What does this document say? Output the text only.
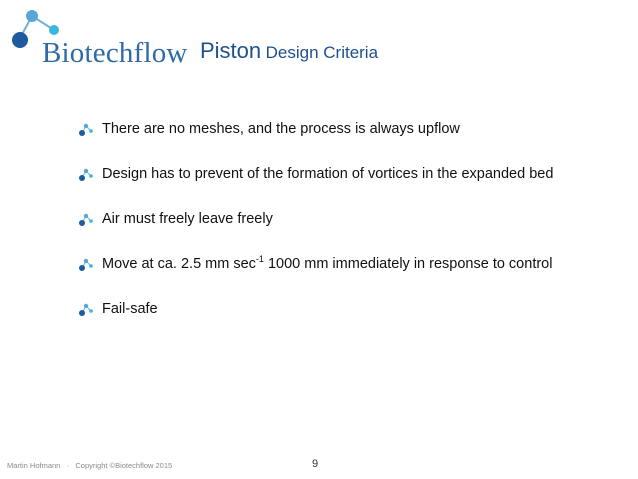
Biotechflow Piston Design Criteria
There are no meshes, and the process is always upflow
Design has to prevent of the formation of vortices in the expanded bed
Air must freely leave freely
Move at ca. 2.5 mm $\sec^{-1} 1000$ mm immediately in response to control
Fail-safe
Martin Hofmann   ·   Copyright ©Biotechflow 2015	9
